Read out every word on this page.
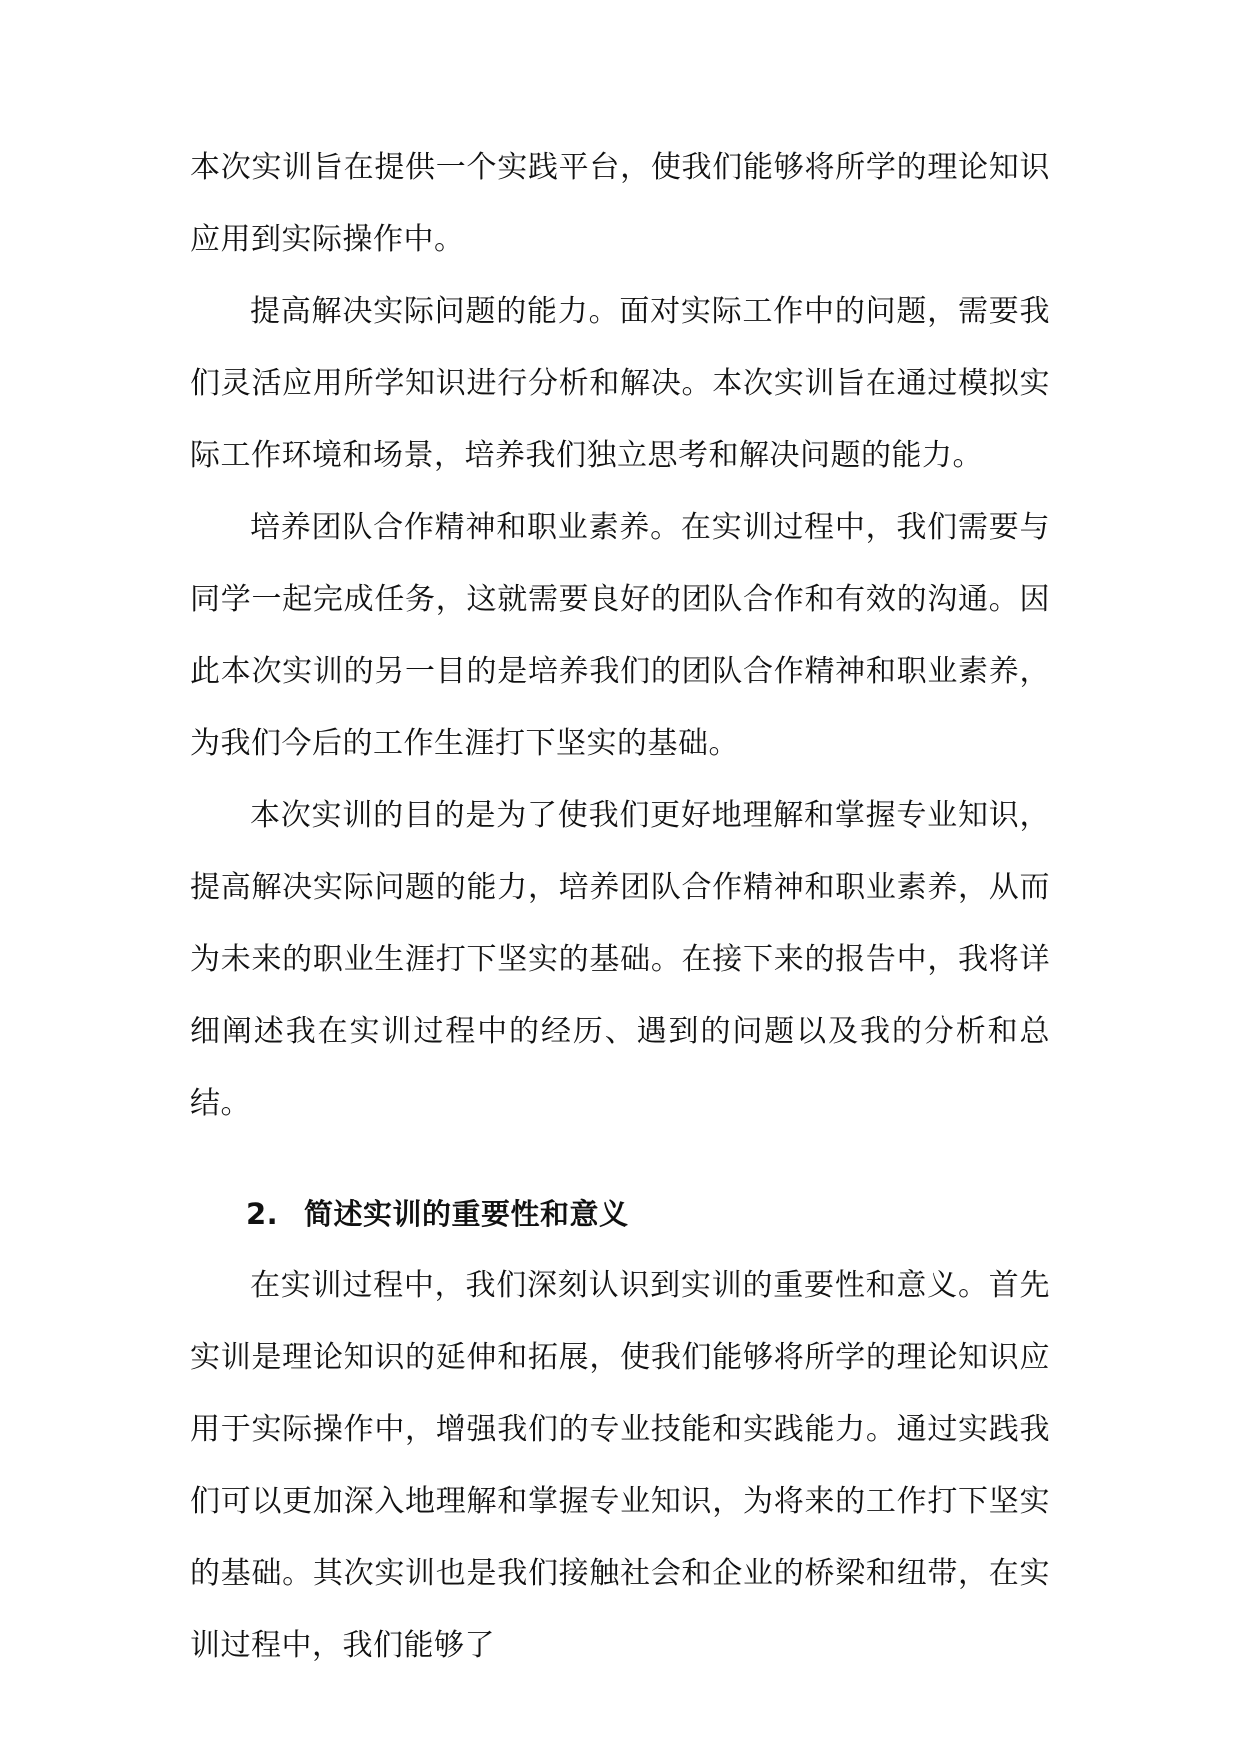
本次实训旨在提供一个实践平台，使我们能够将所学的理论知识应用到实际操作中。

提高解决实际问题的能力。面对实际工作中的问题，需要我们灵活应用所学知识进行分析和解决。本次实训旨在通过模拟实际工作环境和场景，培养我们独立思考和解决问题的能力。

培养团队合作精神和职业素养。在实训过程中，我们需要与同学一起完成任务，这就需要良好的团队合作和有效的沟通。因此本次实训的另一目的是培养我们的团队合作精神和职业素养，为我们今后的工作生涯打下坚实的基础。

本次实训的目的是为了使我们更好地理解和掌握专业知识，提高解决实际问题的能力，培养团队合作精神和职业素养，从而为未来的职业生涯打下坚实的基础。在接下来的报告中，我将详细阐述我在实训过程中的经历、遇到的问题以及我的分析和总结。

2. 简述实训的重要性和意义

在实训过程中，我们深刻认识到实训的重要性和意义。首先实训是理论知识的延伸和拓展，使我们能够将所学的理论知识应用于实际操作中，增强我们的专业技能和实践能力。通过实践我们可以更加深入地理解和掌握专业知识，为将来的工作打下坚实的基础。其次实训也是我们接触社会和企业的桥梁和纽带，在实训过程中，我们能够了
